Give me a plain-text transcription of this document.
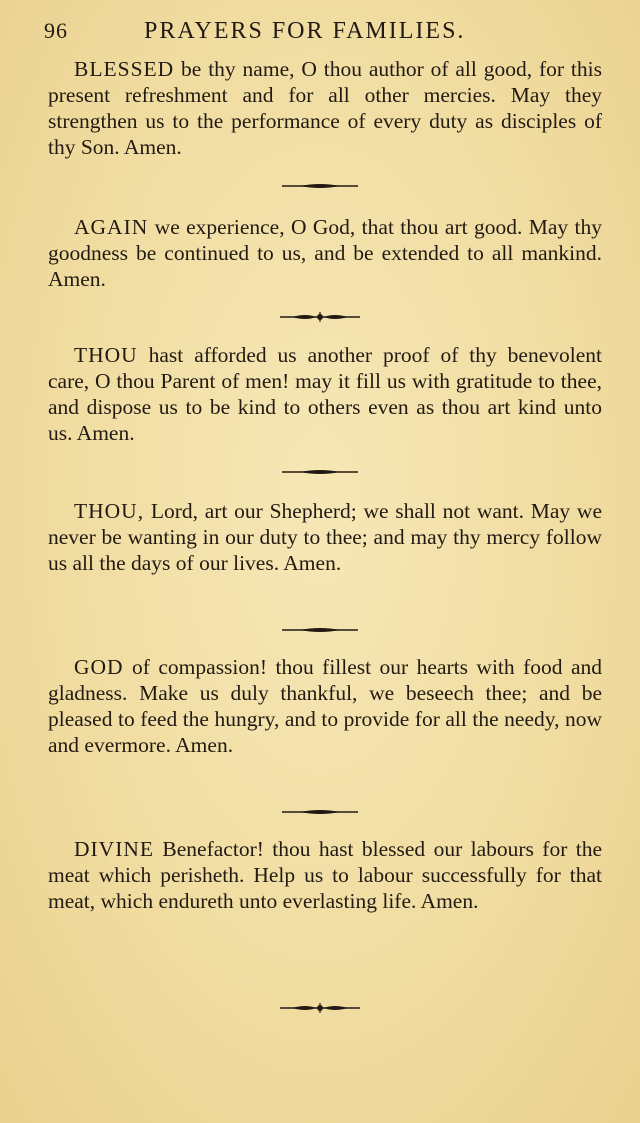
96	PRAYERS FOR FAMILIES.

BLESSED be thy name, O thou author of all good, for this present refreshment and for all other mercies. May they strengthen us to the performance of every duty as disciples of thy Son. Amen.

AGAIN we experience, O God, that thou art good. May thy goodness be continued to us, and be extended to all mankind. Amen.

THOU hast afforded us another proof of thy benevolent care, O thou Parent of men! may it fill us with gratitude to thee, and dispose us to be kind to others even as thou art kind unto us. Amen.

THOU, Lord, art our Shepherd; we shall not want. May we never be wanting in our duty to thee; and may thy mercy follow us all the days of our lives. Amen.

GOD of compassion! thou fillest our hearts with food and gladness. Make us duly thankful, we beseech thee; and be pleased to feed the hungry, and to provide for all the needy, now and evermore. Amen.

DIVINE Benefactor! thou hast blessed our labours for the meat which perisheth. Help us to labour successfully for that meat, which endureth unto everlasting life. Amen.
